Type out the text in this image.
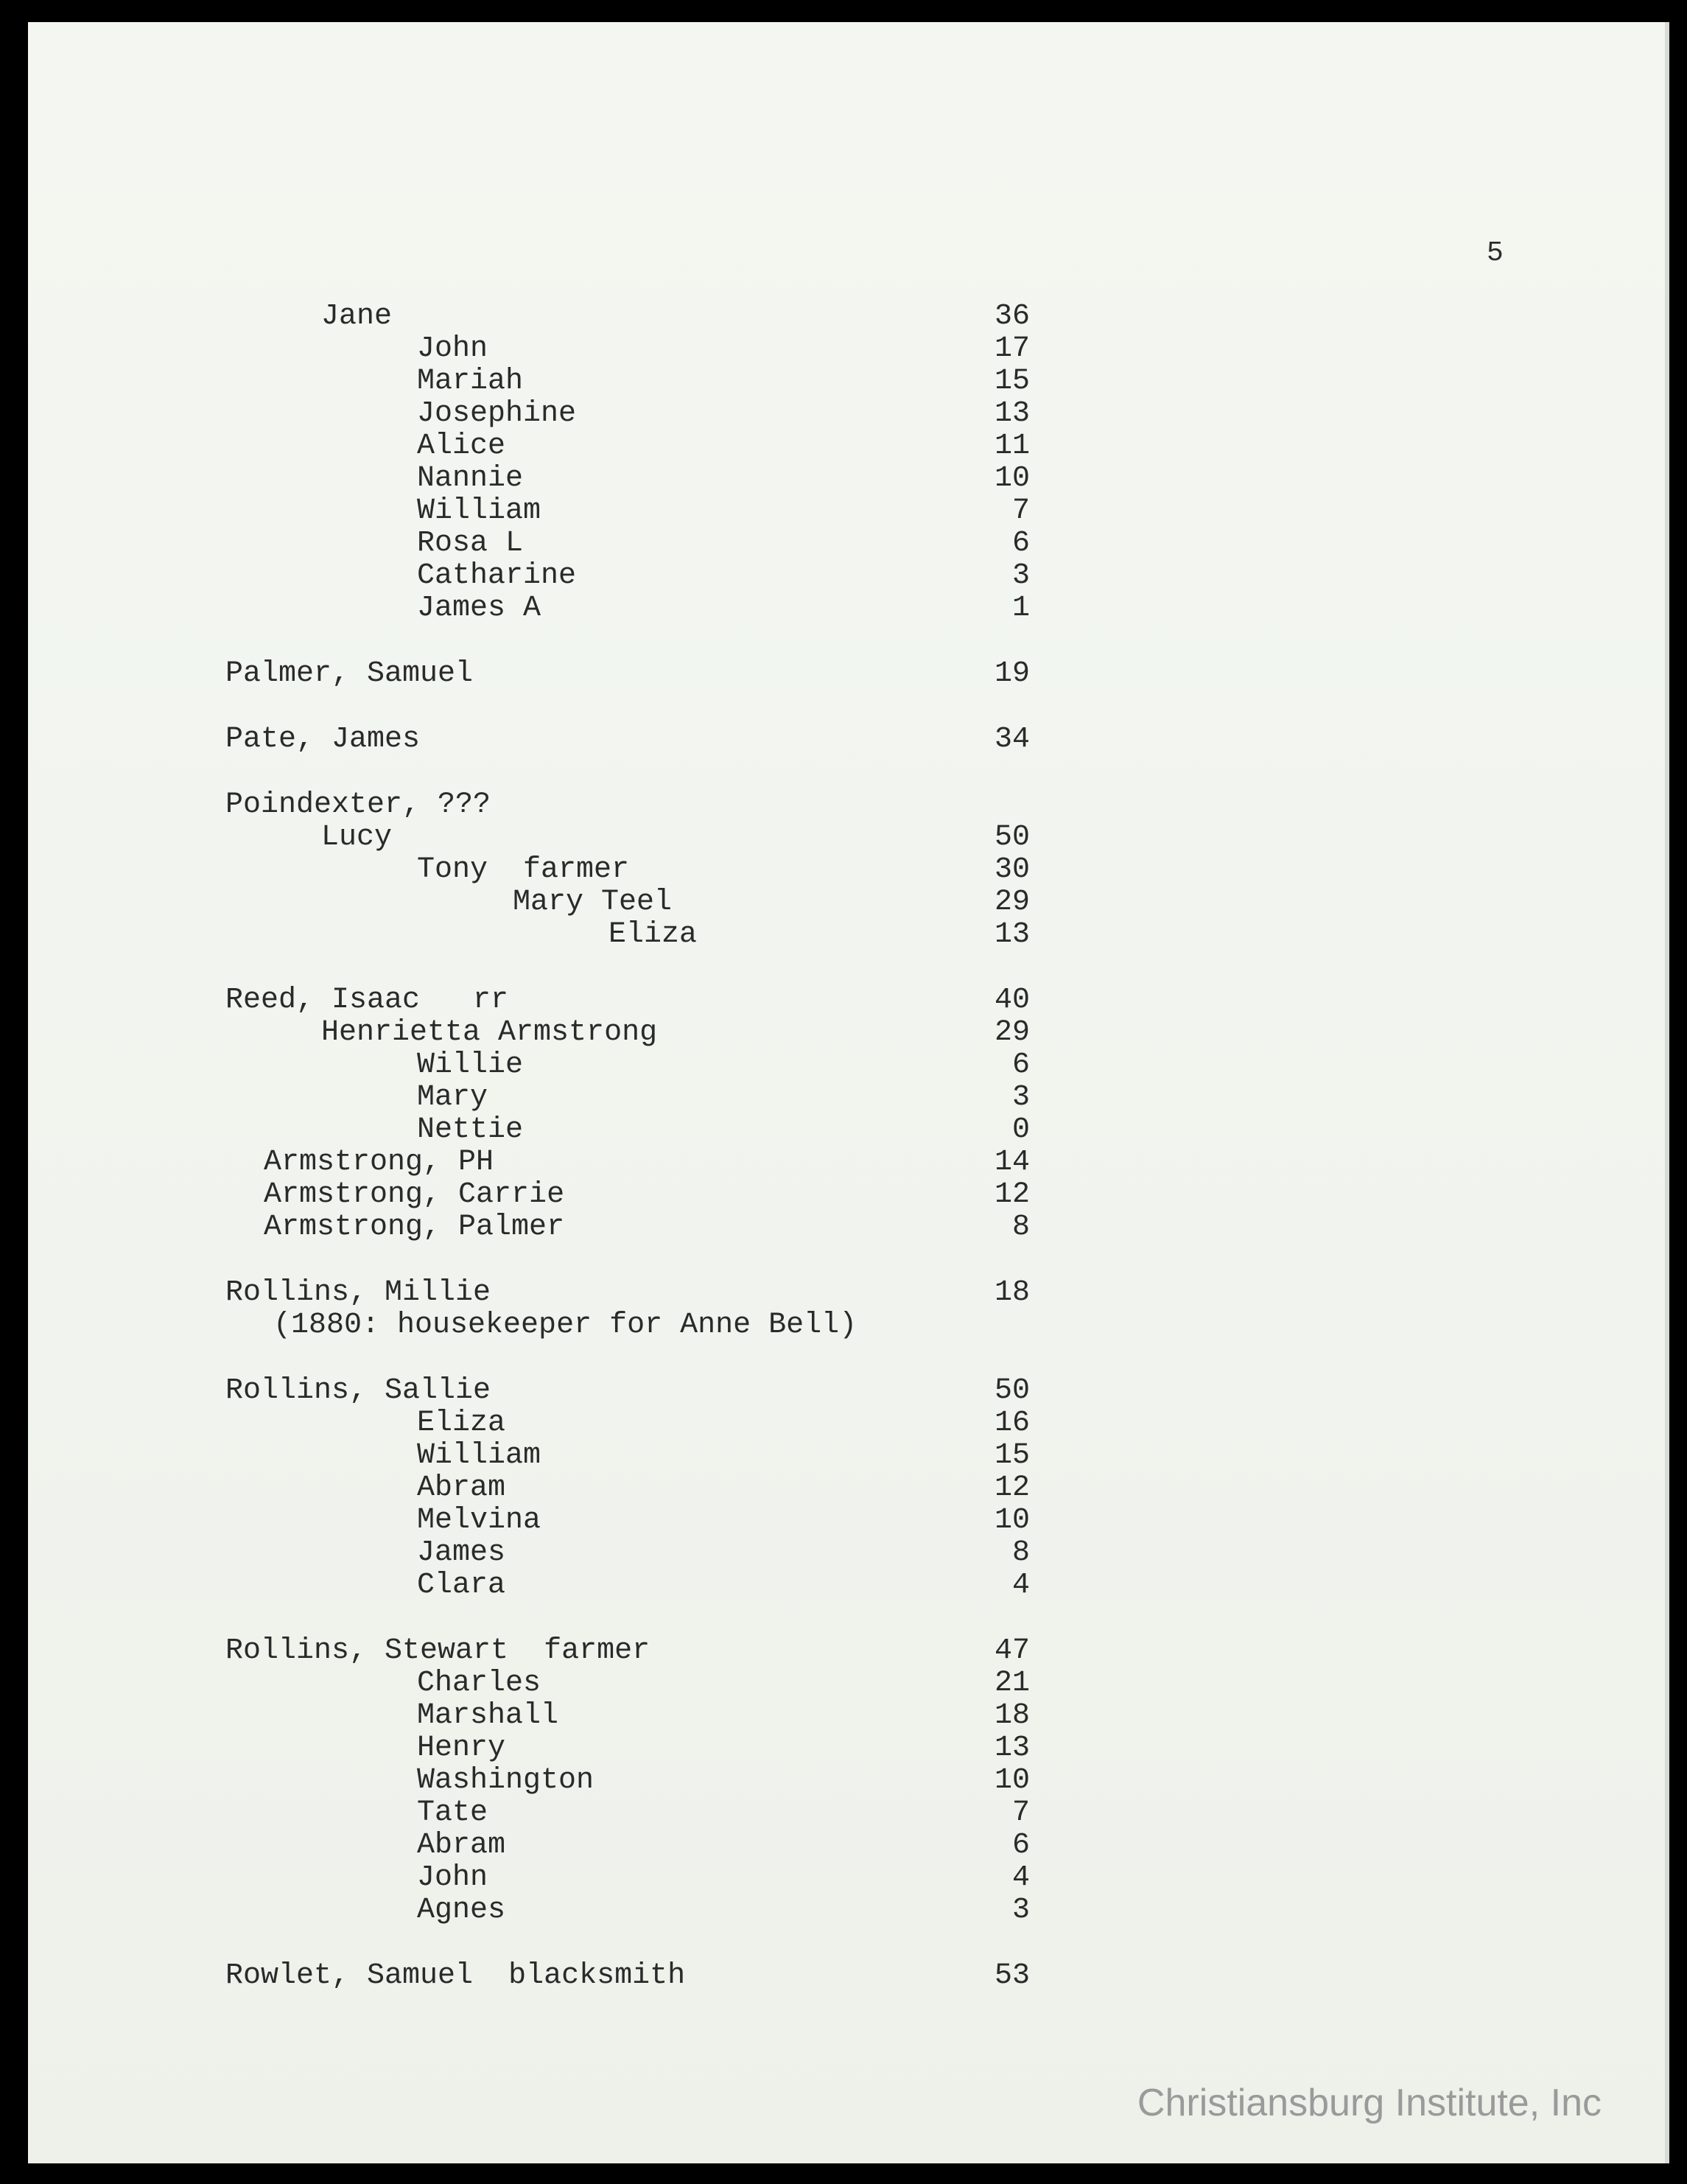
5
Jane	36
John	17
Mariah	15
Josephine	13
Alice	11
Nannie	10
William	7
Rosa L	6
Catharine	3
James A	1
Palmer, Samuel	19
Pate, James	34
Poindexter, ???
Lucy	50
Tony  farmer	30
Mary Teel	29
Eliza	13
Reed, Isaac   rr	40
Henrietta Armstrong	29
Willie	6
Mary	3
Nettie	0
Armstrong, PH	14
Armstrong, Carrie	12
Armstrong, Palmer	8
Rollins, Millie	18
(1880: housekeeper for Anne Bell)
Rollins, Sallie	50
Eliza	16
William	15
Abram	12
Melvina	10
James	8
Clara	4
Rollins, Stewart  farmer	47
Charles	21
Marshall	18
Henry	13
Washington	10
Tate	7
Abram	6
John	4
Agnes	3
Rowlet, Samuel  blacksmith	53
Christiansburg Institute, Inc
